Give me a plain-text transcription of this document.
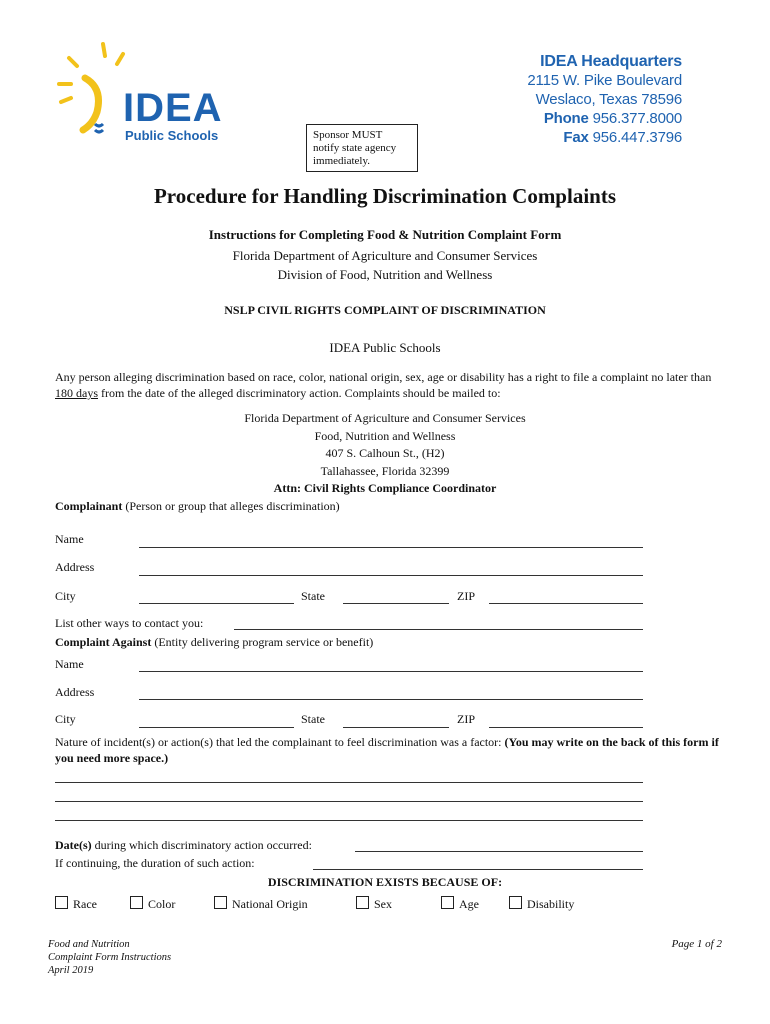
IDEA
Public Schools
IDEA Headquarters
2115 W. Pike Boulevard
Weslaco, Texas 78596
Phone 956.377.8000
Fax 956.447.3796
Sponsor MUST
notify state agency
immediately.
Procedure for Handling Discrimination Complaints
Instructions for Completing Food & Nutrition Complaint Form
Florida Department of Agriculture and Consumer Services
Division of Food, Nutrition and Wellness
NSLP CIVIL RIGHTS COMPLAINT OF DISCRIMINATION
IDEA Public Schools
Any person alleging discrimination based on race, color, national origin, sex, age or disability has a right to file a complaint no later than 180 days from the date of the alleged discriminatory action. Complaints should be mailed to:
Florida Department of Agriculture and Consumer Services
Food, Nutrition and Wellness
407 S. Calhoun St., (H2)
Tallahassee, Florida 32399
Attn: Civil Rights Compliance Coordinator
Complainant (Person or group that alleges discrimination)
Name
Address
City	State	ZIP
List other ways to contact you:
Complaint Against (Entity delivering program service or benefit)
Name
Address
City	State	ZIP
Nature of incident(s) or action(s) that led the complainant to feel discrimination was a factor: (You may write on the back of this form if you need more space.)
Date(s) during which discriminatory action occurred:
If continuing, the duration of such action:
DISCRIMINATION EXISTS BECAUSE OF:
Race	Color	National Origin	Sex	Age	Disability
Food and Nutrition
Complaint Form Instructions
April 2019
Page 1 of 2
